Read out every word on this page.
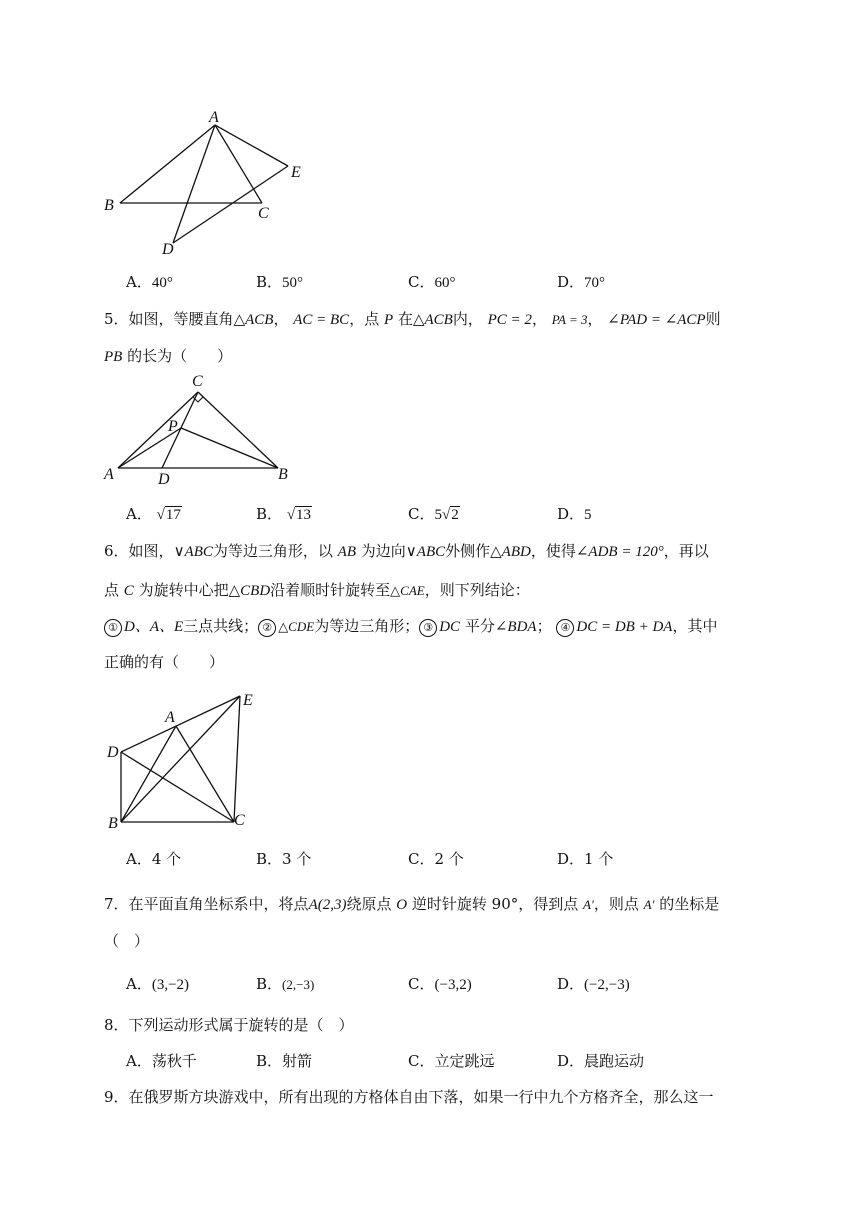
A
B	C
D
E
A．40°	B．50°	C．60°	D．70°
5．如图，等腰直角△ACB， AC = BC，点 P 在△ACB内， PC = 2， PA = 3， ∠PAD = ∠ACP则
PB 的长为（　　）
C
P
A	D	B
A． √17	B． √13	C．5√2	D．5
6．如图，∨ABC为等边三角形，以 AB 为边向∨ABC外侧作△ABD，使得∠ADB = 120°，再以
点 C 为旋转中心把△CBD沿着顺时针旋转至△CAE，则下列结论：
① D、A、E三点共线； ② △CDE为等边三角形； ③ DC 平分∠BDA； ④ DC = DB + DA，其中
正确的有（　　）
A
E
D
B	C
A．4 个	B．3 个	C．2 个	D．1 个
7．在平面直角坐标系中，将点A(2,3)绕原点 O 逆时针旋转 90°，得到点 A′，则点 A′ 的坐标是
（　）
A．(3,−2)	B．(2,−3)	C．(−3,2)	D．(−2,−3)
8．下列运动形式属于旋转的是（　）
A．荡秋千	B．射箭	C．立定跳远	D．晨跑运动
9．在俄罗斯方块游戏中，所有出现的方格体自由下落，如果一行中九个方格齐全，那么这一
